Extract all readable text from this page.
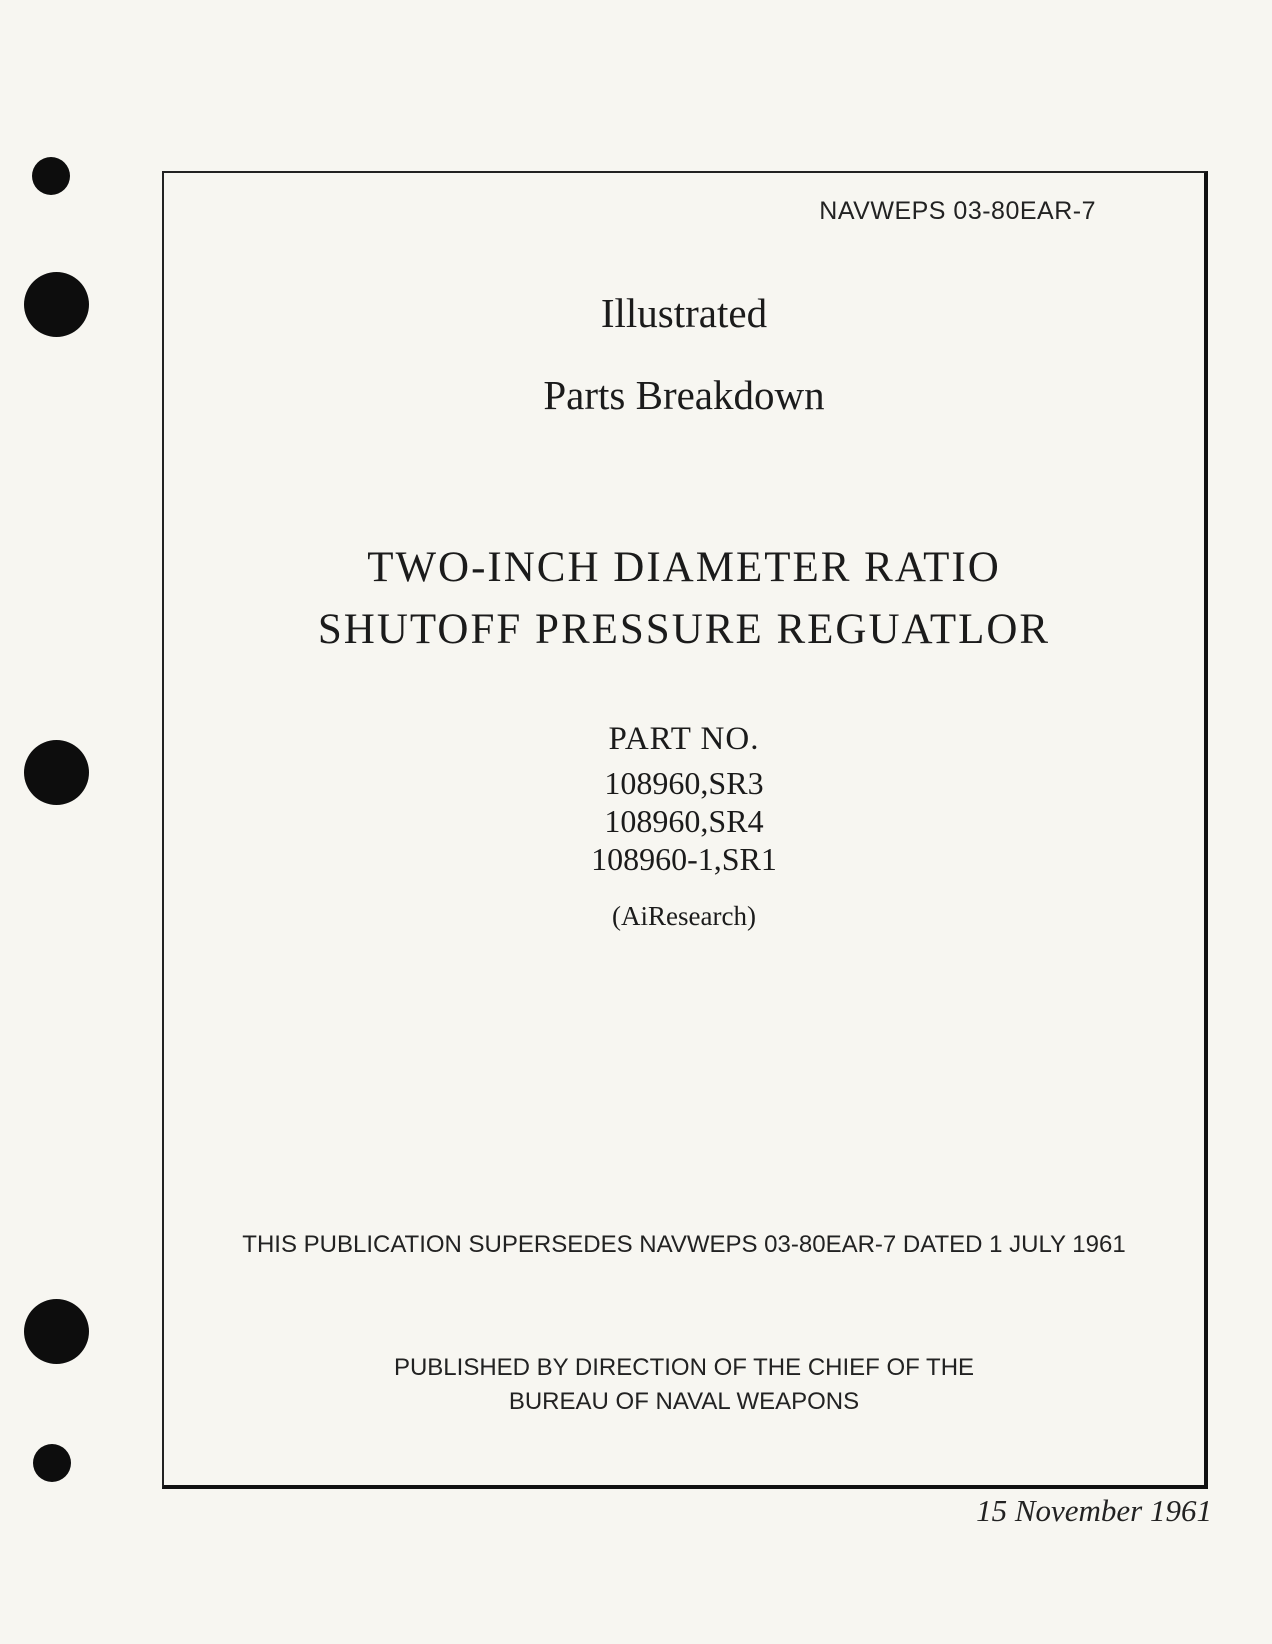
NAVWEPS 03-80EAR-7
Illustrated
Parts Breakdown
TWO-INCH DIAMETER RATIO
SHUTOFF PRESSURE REGUATLOR
PART NO.
108960,SR3
108960,SR4
108960-1,SR1
(AiResearch)
THIS PUBLICATION SUPERSEDES NAVWEPS 03-80EAR-7 DATED 1 JULY 1961
PUBLISHED BY DIRECTION OF THE CHIEF OF THE
BUREAU OF NAVAL WEAPONS
15 November 1961
